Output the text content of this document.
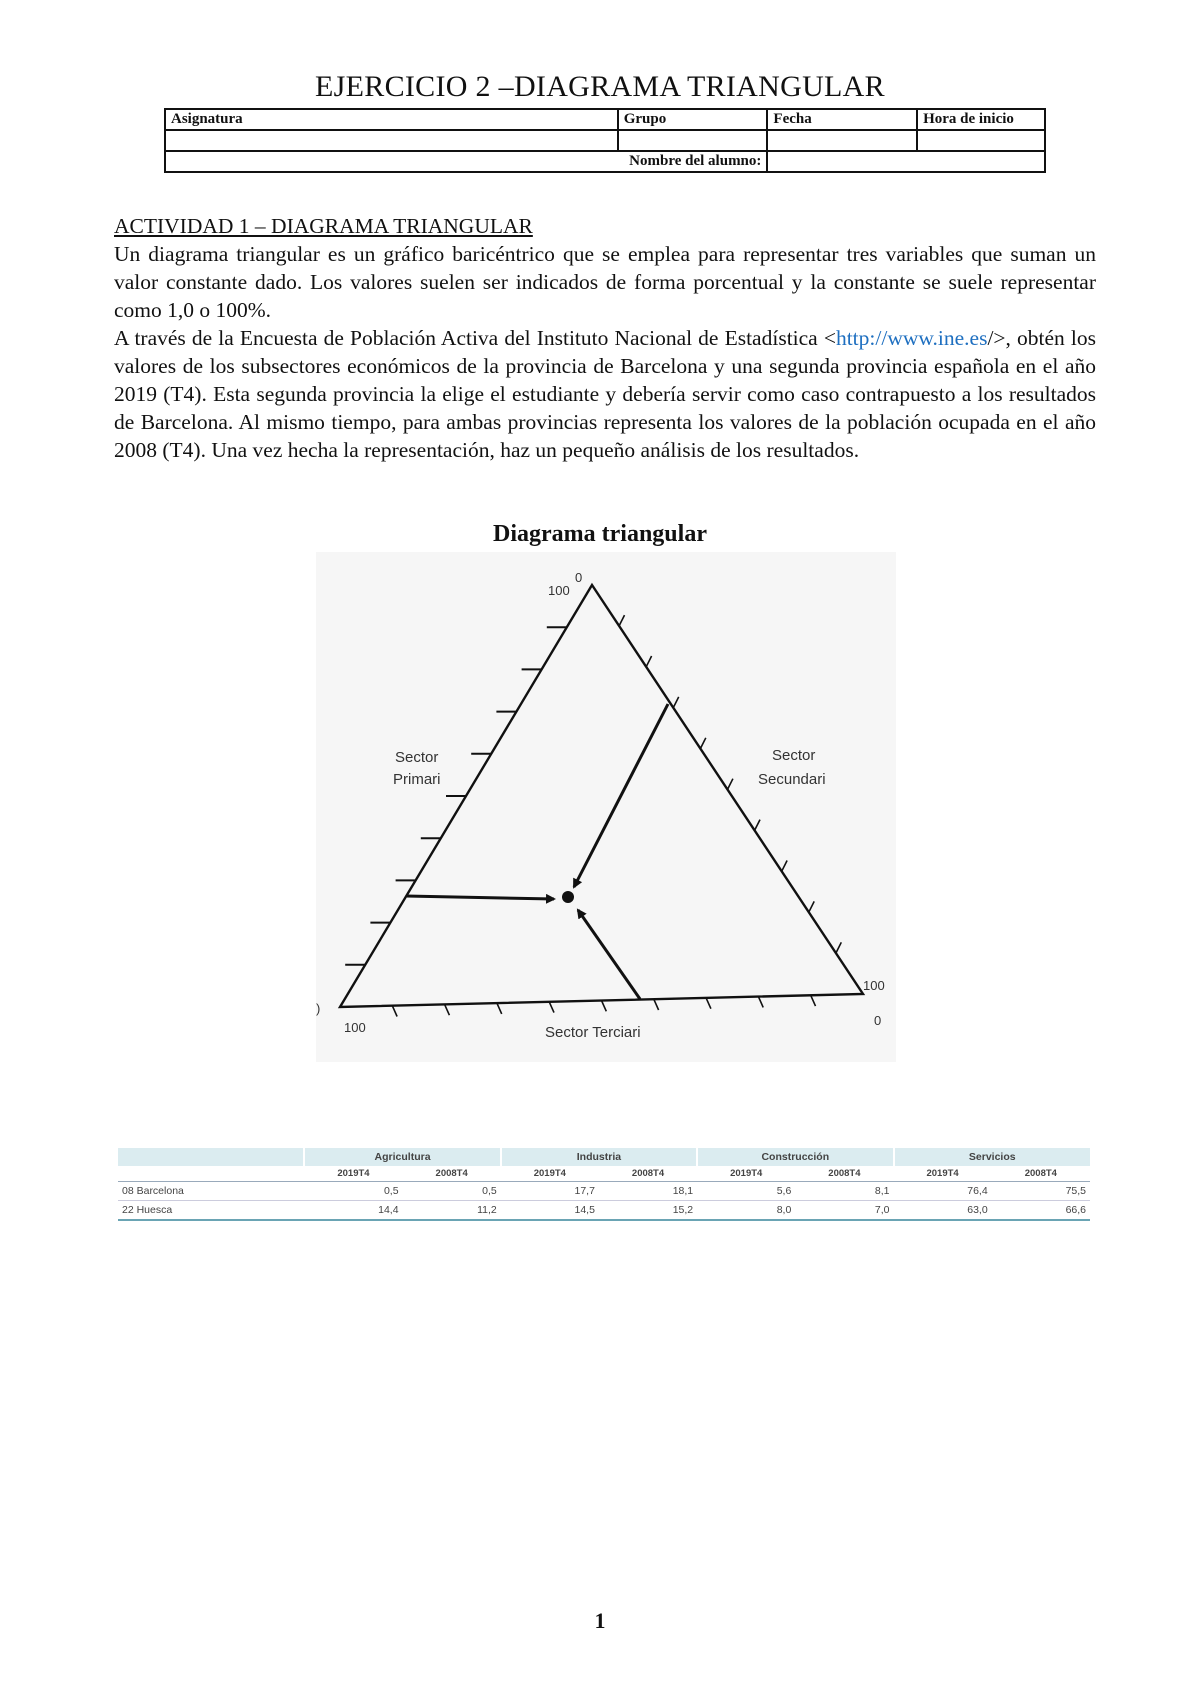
EJERCICIO 2 –DIAGRAMA TRIANGULAR
Asignatura	Grupo	Fecha	Hora de inicio

Nombre del alumno:			
ACTIVIDAD 1 – DIAGRAMA TRIANGULAR
Un diagrama triangular es un gráfico baricéntrico que se emplea para representar tres variables que suman un valor constante dado. Los valores suelen ser indicados de forma porcentual y la constante se suele representar como 1,0 o 100%.
A través de la Encuesta de Población Activa del Instituto Nacional de Estadística <http://www.ine.es/>, obtén los valores de los subsectores económicos de la provincia de Barcelona y una segunda provincia española en el año 2019 (T4). Esta segunda provincia la elige el estudiante y debería servir como caso contrapuesto a los resultados de Barcelona. Al mismo tiempo, para ambas provincias representa los valores de la población ocupada en el año 2008 (T4). Una vez hecha la representación, haz un pequeño análisis de los resultados.
Diagrama triangular
0
100
100
0
100
)
Sector
Primari
Sector
Secundari
Sector Terciari
	Agricultura		Industria		Construcción		Servicios	
	2019T4	2008T4	2019T4	2008T4	2019T4	2008T4	2019T4	2008T4
08 Barcelona	0,5	0,5	17,7	18,1	5,6	8,1	76,4	75,5
22 Huesca	14,4	11,2	14,5	15,2	8,0	7,0	63,0	66,6
1
